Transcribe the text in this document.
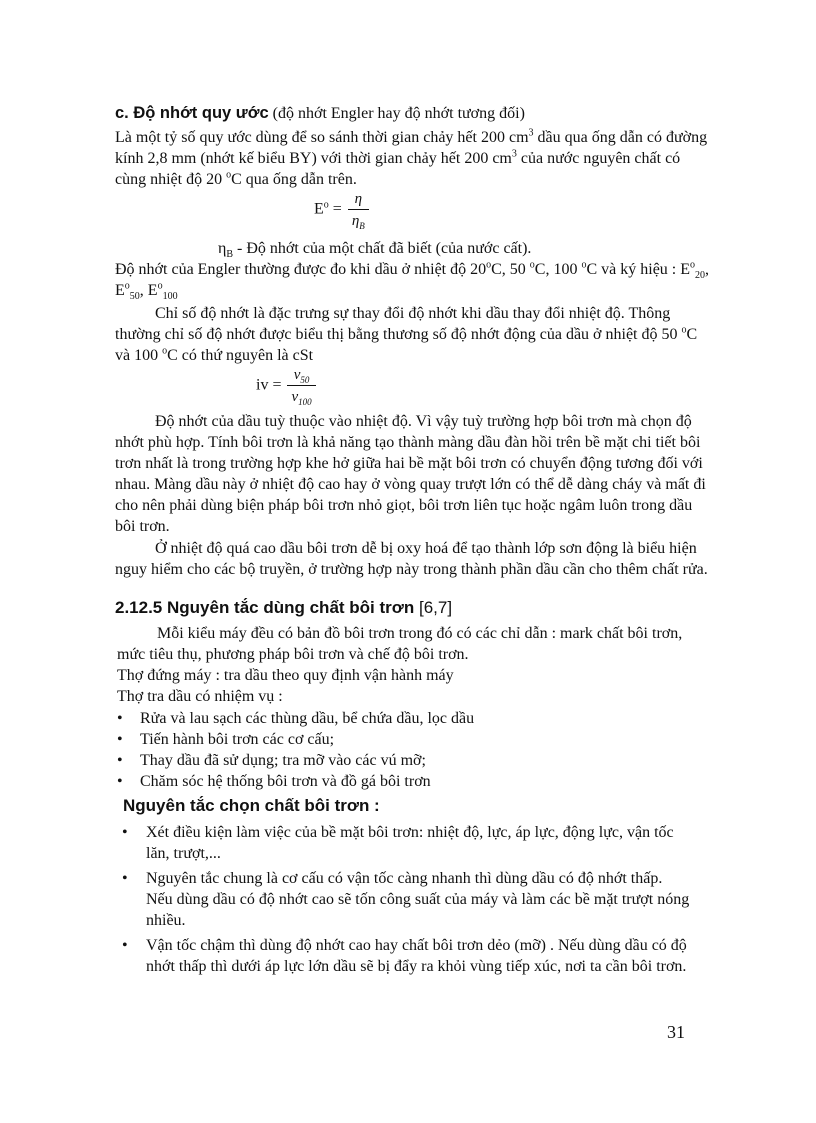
c. Độ nhớt quy ước (độ nhớt Engler hay độ nhớt tương đối)
Là một tỷ số quy ước dùng để so sánh thời gian chảy hết 200 $cm^3$ dầu qua ống dẫn có đường kính 2,8 mm (nhớt kế biểu BY) với thời gian chảy hết 200 $cm^3$ của nước nguyên chất có cùng nhiệt độ 20 $^o$C qua ống dẫn trên.
$E^o = \frac{\eta}{\eta_B}$
$\eta_B$ - Độ nhớt của một chất đã biết (của nước cất).
Độ nhớt của Engler thường được đo khi dầu ở nhiệt độ 20$^o$C, 50 $^o$C, 100 $^o$C và ký hiệu : $E^o_{20}$, $E^o_{50}$, $E^o_{100}$
Chỉ số độ nhớt là đặc trưng sự thay đổi độ nhớt khi dầu thay đổi nhiệt độ. Thông thường chỉ số độ nhớt được biểu thị bằng thương số độ nhớt động của dầu ở nhiệt độ 50 $^o$C và 100 $^o$C có thứ nguyên là cSt
iv = $\frac{\nu_{50}}{\nu_{100}}$
Độ nhớt của dầu tuỳ thuộc vào nhiệt độ. Vì vậy tuỳ trường hợp bôi trơn mà chọn độ nhớt phù hợp. Tính bôi trơn là khả năng tạo thành màng dầu đàn hồi trên bề mặt chi tiết bôi trơn nhất là trong trường hợp khe hở giữa hai bề mặt bôi trơn có chuyển động tương đối với nhau. Màng dầu này ở nhiệt độ cao hay ở vòng quay trượt lớn có thể dễ dàng cháy và mất đi cho nên phải dùng biện pháp bôi trơn nhỏ giọt, bôi trơn liên tục hoặc ngâm luôn trong dầu bôi trơn.
Ở nhiệt độ quá cao dầu bôi trơn dễ bị oxy hoá để tạo thành lớp sơn động là biểu hiện nguy hiểm cho các bộ truyền, ở trường hợp này trong thành phần dầu cần cho thêm chất rửa.
2.12.5 Nguyên tắc dùng chất bôi trơn [6,7]
Mỗi kiểu máy đều có bản đồ bôi trơn trong đó có các chỉ dẫn : mark chất bôi trơn, mức tiêu thụ, phương pháp bôi trơn và chế độ bôi trơn.
Thợ đứng máy : tra dầu theo quy định vận hành máy
Thợ tra dầu có nhiệm vụ :
• Rửa và lau sạch các thùng dầu, bể chứa dầu, lọc dầu
• Tiến hành bôi trơn các cơ cấu;
• Thay dầu đã sử dụng; tra mỡ vào các vú mỡ;
• Chăm sóc hệ thống bôi trơn và đồ gá bôi trơn
Nguyên tắc chọn chất bôi trơn :
• Xét điều kiện làm việc của bề mặt bôi trơn: nhiệt độ, lực, áp lực, động lực, vận tốc lăn, trượt,...
• Nguyên tắc chung là cơ cấu có vận tốc càng nhanh thì dùng dầu có độ nhớt thấp. Nếu dùng dầu có độ nhớt cao sẽ tốn công suất của máy và làm các bề mặt trượt nóng nhiều.
• Vận tốc chậm thì dùng độ nhớt cao hay chất bôi trơn dẻo (mỡ) . Nếu dùng dầu có độ nhớt thấp thì dưới áp lực lớn dầu sẽ bị đẩy ra khỏi vùng tiếp xúc, nơi ta cần bôi trơn.
31
